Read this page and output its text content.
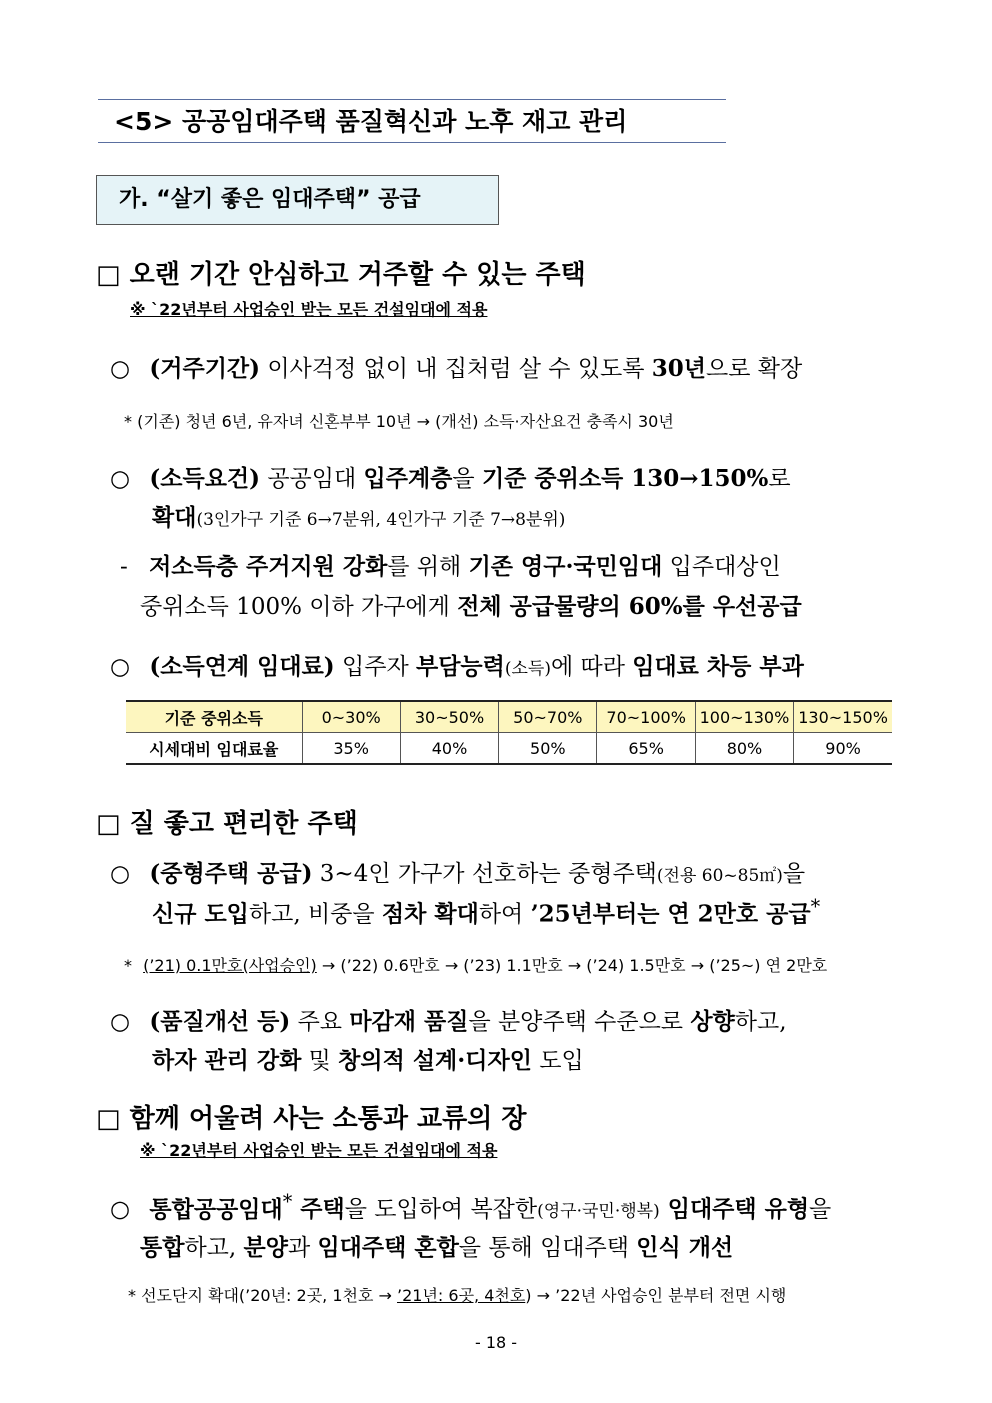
<5> 공공임대주택 품질혁신과 노후 재고 관리
가. “살기 좋은 임대주택” 공급
□ 오랜 기간 안심하고 거주할 수 있는 주택
※ `22년부터 사업승인 받는 모든 건설임대에 적용
○ (거주기간) 이사걱정 없이 내 집처럼 살 수 있도록 30년으로 확장
* (기존) 청년 6년, 유자녀 신혼부부 10년 → (개선) 소득·자산요건 충족시 30년
○ (소득요건) 공공임대 입주계층을 기준 중위소득 130→150%로
확대(3인가구 기준 6→7분위, 4인가구 기준 7→8분위)
- 저소득층 주거지원 강화를 위해 기존 영구·국민임대 입주대상인
중위소득 100% 이하 가구에게 전체 공급물량의 60%를 우선공급
○ (소득연계 임대료) 입주자 부담능력(소득)에 따라 임대료 차등 부과
기준 중위소득	0~30%	30~50%	50~70%	70~100%	100~130%	130~150%
시세대비 임대료율	35%	40%	50%	65%	80%	90%
□ 질 좋고 편리한 주택
○ (중형주택 공급) 3~4인 가구가 선호하는 중형주택(전용 60~85㎡)을
신규 도입하고, 비중을 점차 확대하여 ’25년부터는 연 2만호 공급*
* (’21) 0.1만호(사업승인) → (’22) 0.6만호 → (’23) 1.1만호 → (’24) 1.5만호 → (’25~) 연 2만호
○ (품질개선 등) 주요 마감재 품질을 분양주택 수준으로 상향하고,
하자 관리 강화 및 창의적 설계·디자인 도입
□ 함께 어울려 사는 소통과 교류의 장
※ `22년부터 사업승인 받는 모든 건설임대에 적용
○ 통합공공임대* 주택을 도입하여 복잡한(영구·국민·행복) 임대주택 유형을
통합하고, 분양과 임대주택 혼합을 통해 임대주택 인식 개선
* 선도단지 확대(’20년: 2곳, 1천호 → ’21년: 6곳, 4천호) → ’22년 사업승인 분부터 전면 시행
- 18 -
